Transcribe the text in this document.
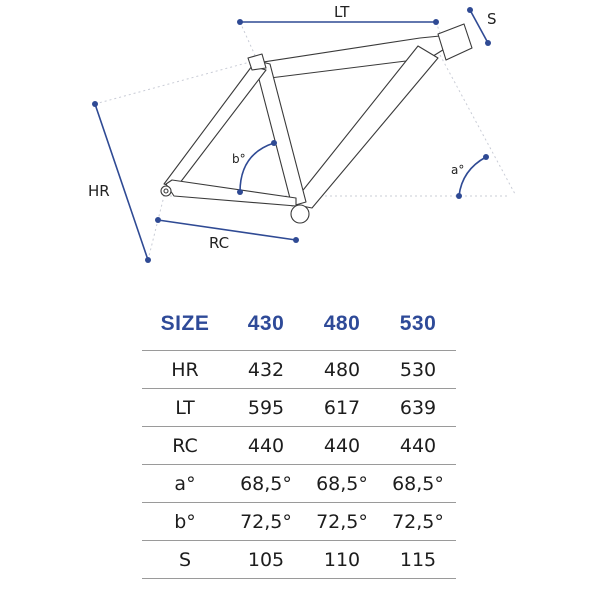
LT	S
HR
RC
b°
a°
SIZE	430	480	530
HR	432	480	530
LT	595	617	639
RC	440	440	440
a°	68,5°	68,5°	68,5°
b°	72,5°	72,5°	72,5°
S	105	110	115
